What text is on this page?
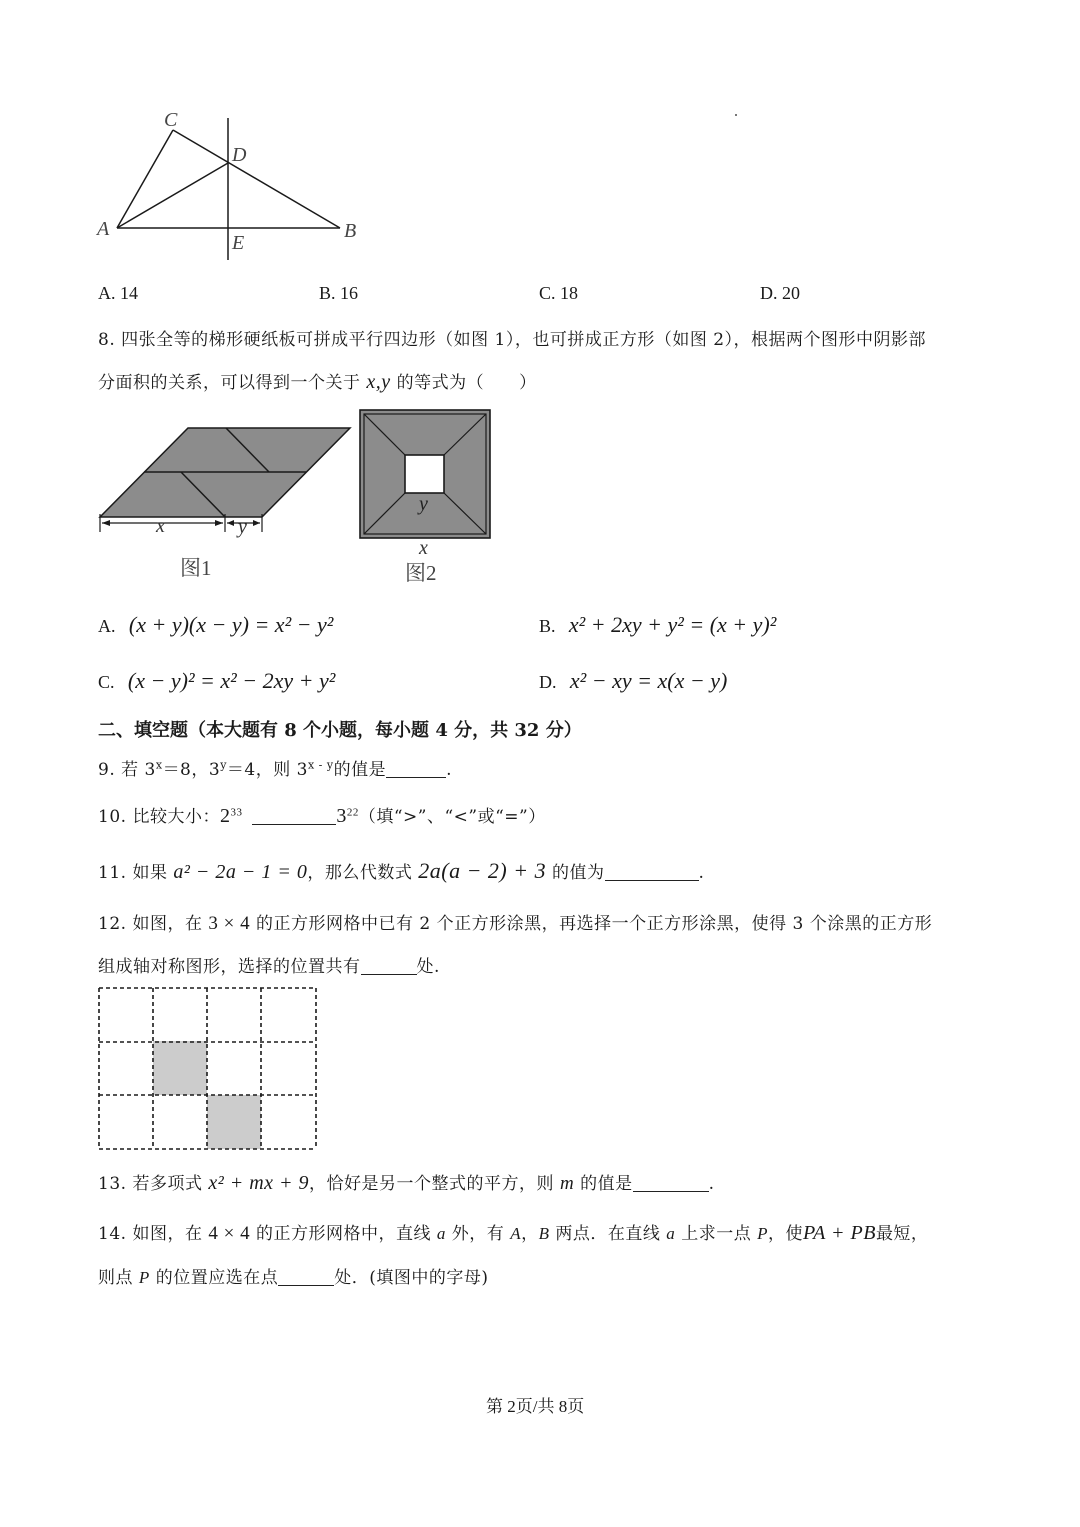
C
D
A
E
B
A. 14	B. 16	C. 18	D. 20
8. 四张全等的梯形硬纸板可拼成平行四边形（如图 1），也可拼成正方形（如图 2），根据两个图形中阴影部
分面积的关系，可以得到一个关于 x,y 的等式为（　　）
x	y
图1
y
x
图2
A. (x + y)(x − y) = x² − y²	B. x² + 2xy + y² = (x + y)²
C. (x − y)² = x² − 2xy + y²	D. x² − xy = x(x − y)
二、填空题（本大题有 8 个小题，每小题 4 分，共 32 分）
9. 若 $3^x=8$，$3^y=4$，则 3$^{x - y}$的值是	.
10. 比较大小：$2^{33}$	$3^{22}$（填“>”、“<”或“=”）
11. 如果 a² − 2a − 1 = 0，那么代数式 2a(a − 2) + 3 的值为	.
12. 如图，在 3 × 4 的正方形网格中已有 2 个正方形涂黑，再选择一个正方形涂黑，使得 3 个涂黑的正方形
组成轴对称图形，选择的位置共有	处.
13. 若多项式 x² + mx + 9，恰好是另一个整式的平方，则 m 的值是	.
14. 如图，在 4 × 4 的正方形网格中，直线 a 外，有 A，B 两点．在直线 a 上求一点 P，使PA + PB最短，
则点 P 的位置应选在点	处．(填图中的字母)
第 2页/共 8页
